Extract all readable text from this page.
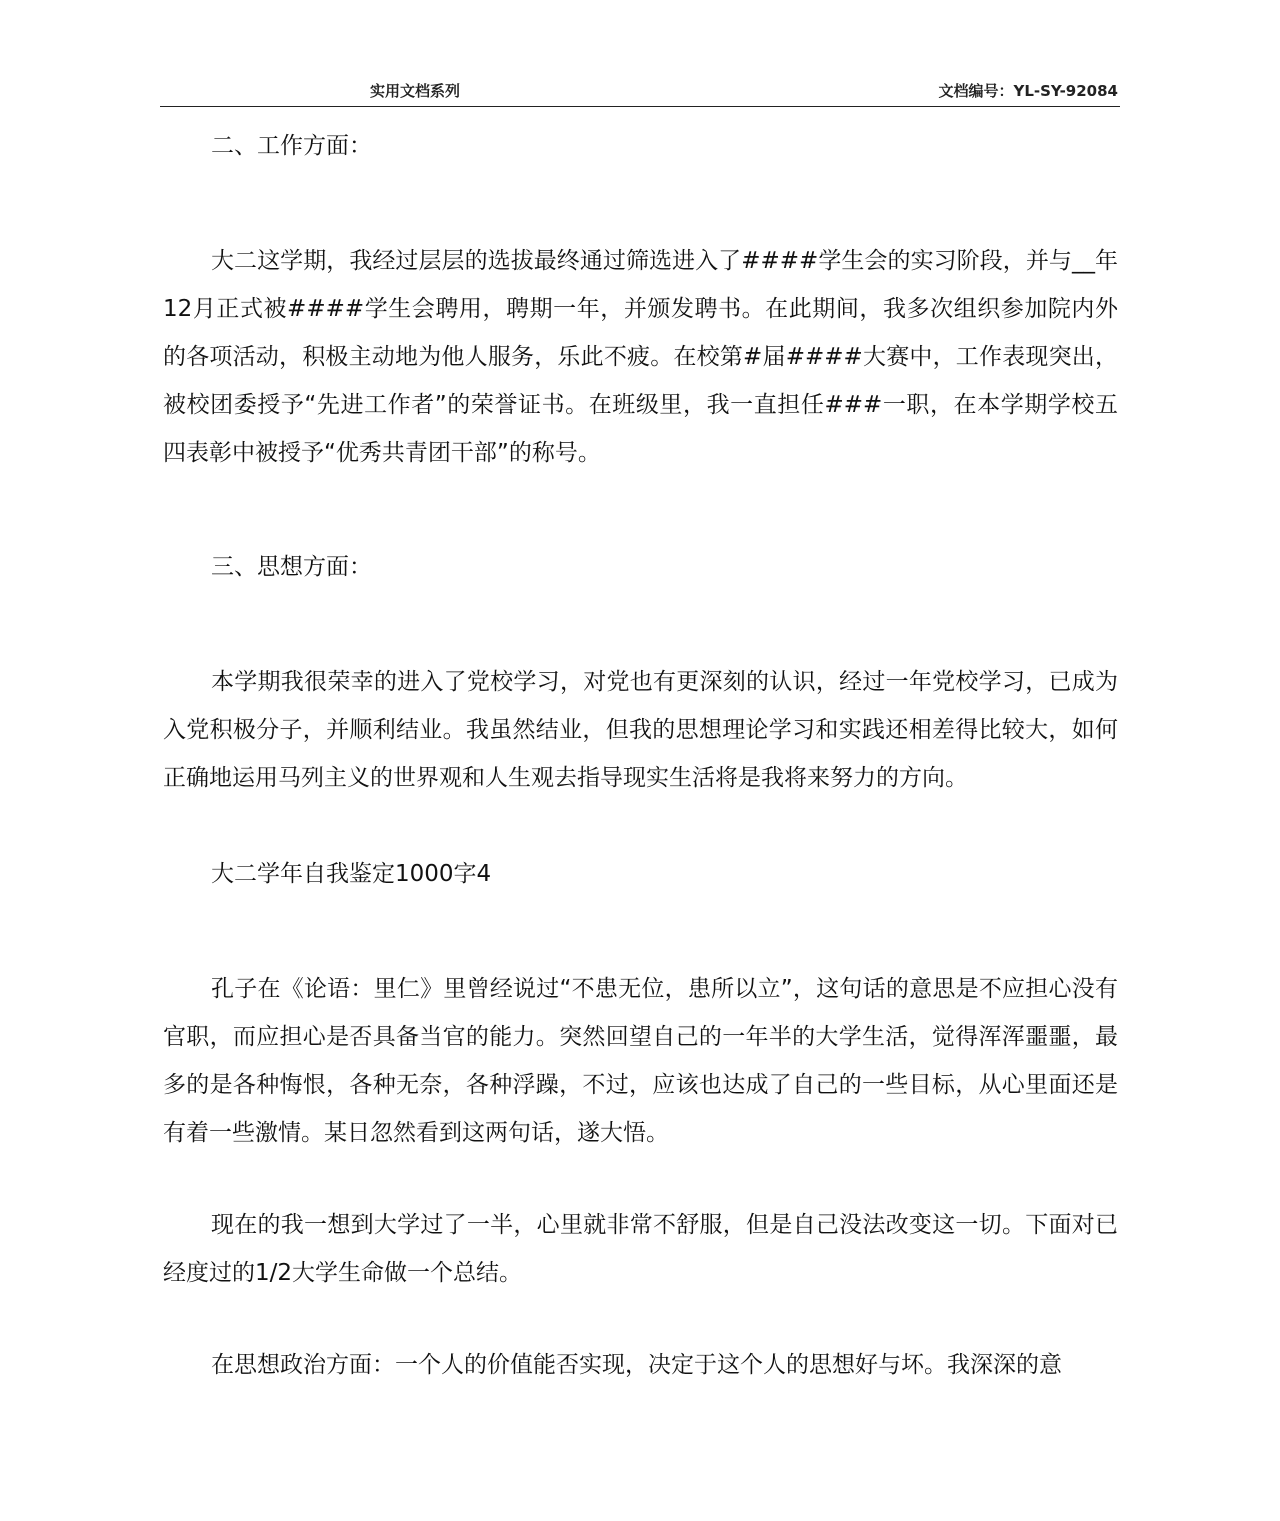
实用文档系列	文档编号：YL-SY-92084

二、工作方面：

大二这学期，我经过层层的选拔最终通过筛选进入了####学生会的实习阶段，并与__年12月正式被####学生会聘用，聘期一年，并颁发聘书。在此期间，我多次组织参加院内外的各项活动，积极主动地为他人服务，乐此不疲。在校第#届####大赛中，工作表现突出，被校团委授予“先进工作者”的荣誉证书。在班级里，我一直担任###一职，在本学期学校五四表彰中被授予“优秀共青团干部”的称号。

三、思想方面：

本学期我很荣幸的进入了党校学习，对党也有更深刻的认识，经过一年党校学习，已成为入党积极分子，并顺利结业。我虽然结业，但我的思想理论学习和实践还相差得比较大，如何正确地运用马列主义的世界观和人生观去指导现实生活将是我将来努力的方向。

大二学年自我鉴定1000字4

孔子在《论语：里仁》里曾经说过“不患无位，患所以立”，这句话的意思是不应担心没有官职，而应担心是否具备当官的能力。突然回望自己的一年半的大学生活，觉得浑浑噩噩，最多的是各种悔恨，各种无奈，各种浮躁，不过，应该也达成了自己的一些目标，从心里面还是有着一些激情。某日忽然看到这两句话，遂大悟。

现在的我一想到大学过了一半，心里就非常不舒服，但是自己没法改变这一切。下面对已经度过的1/2大学生命做一个总结。

在思想政治方面：一个人的价值能否实现，决定于这个人的思想好与坏。我深深的意
